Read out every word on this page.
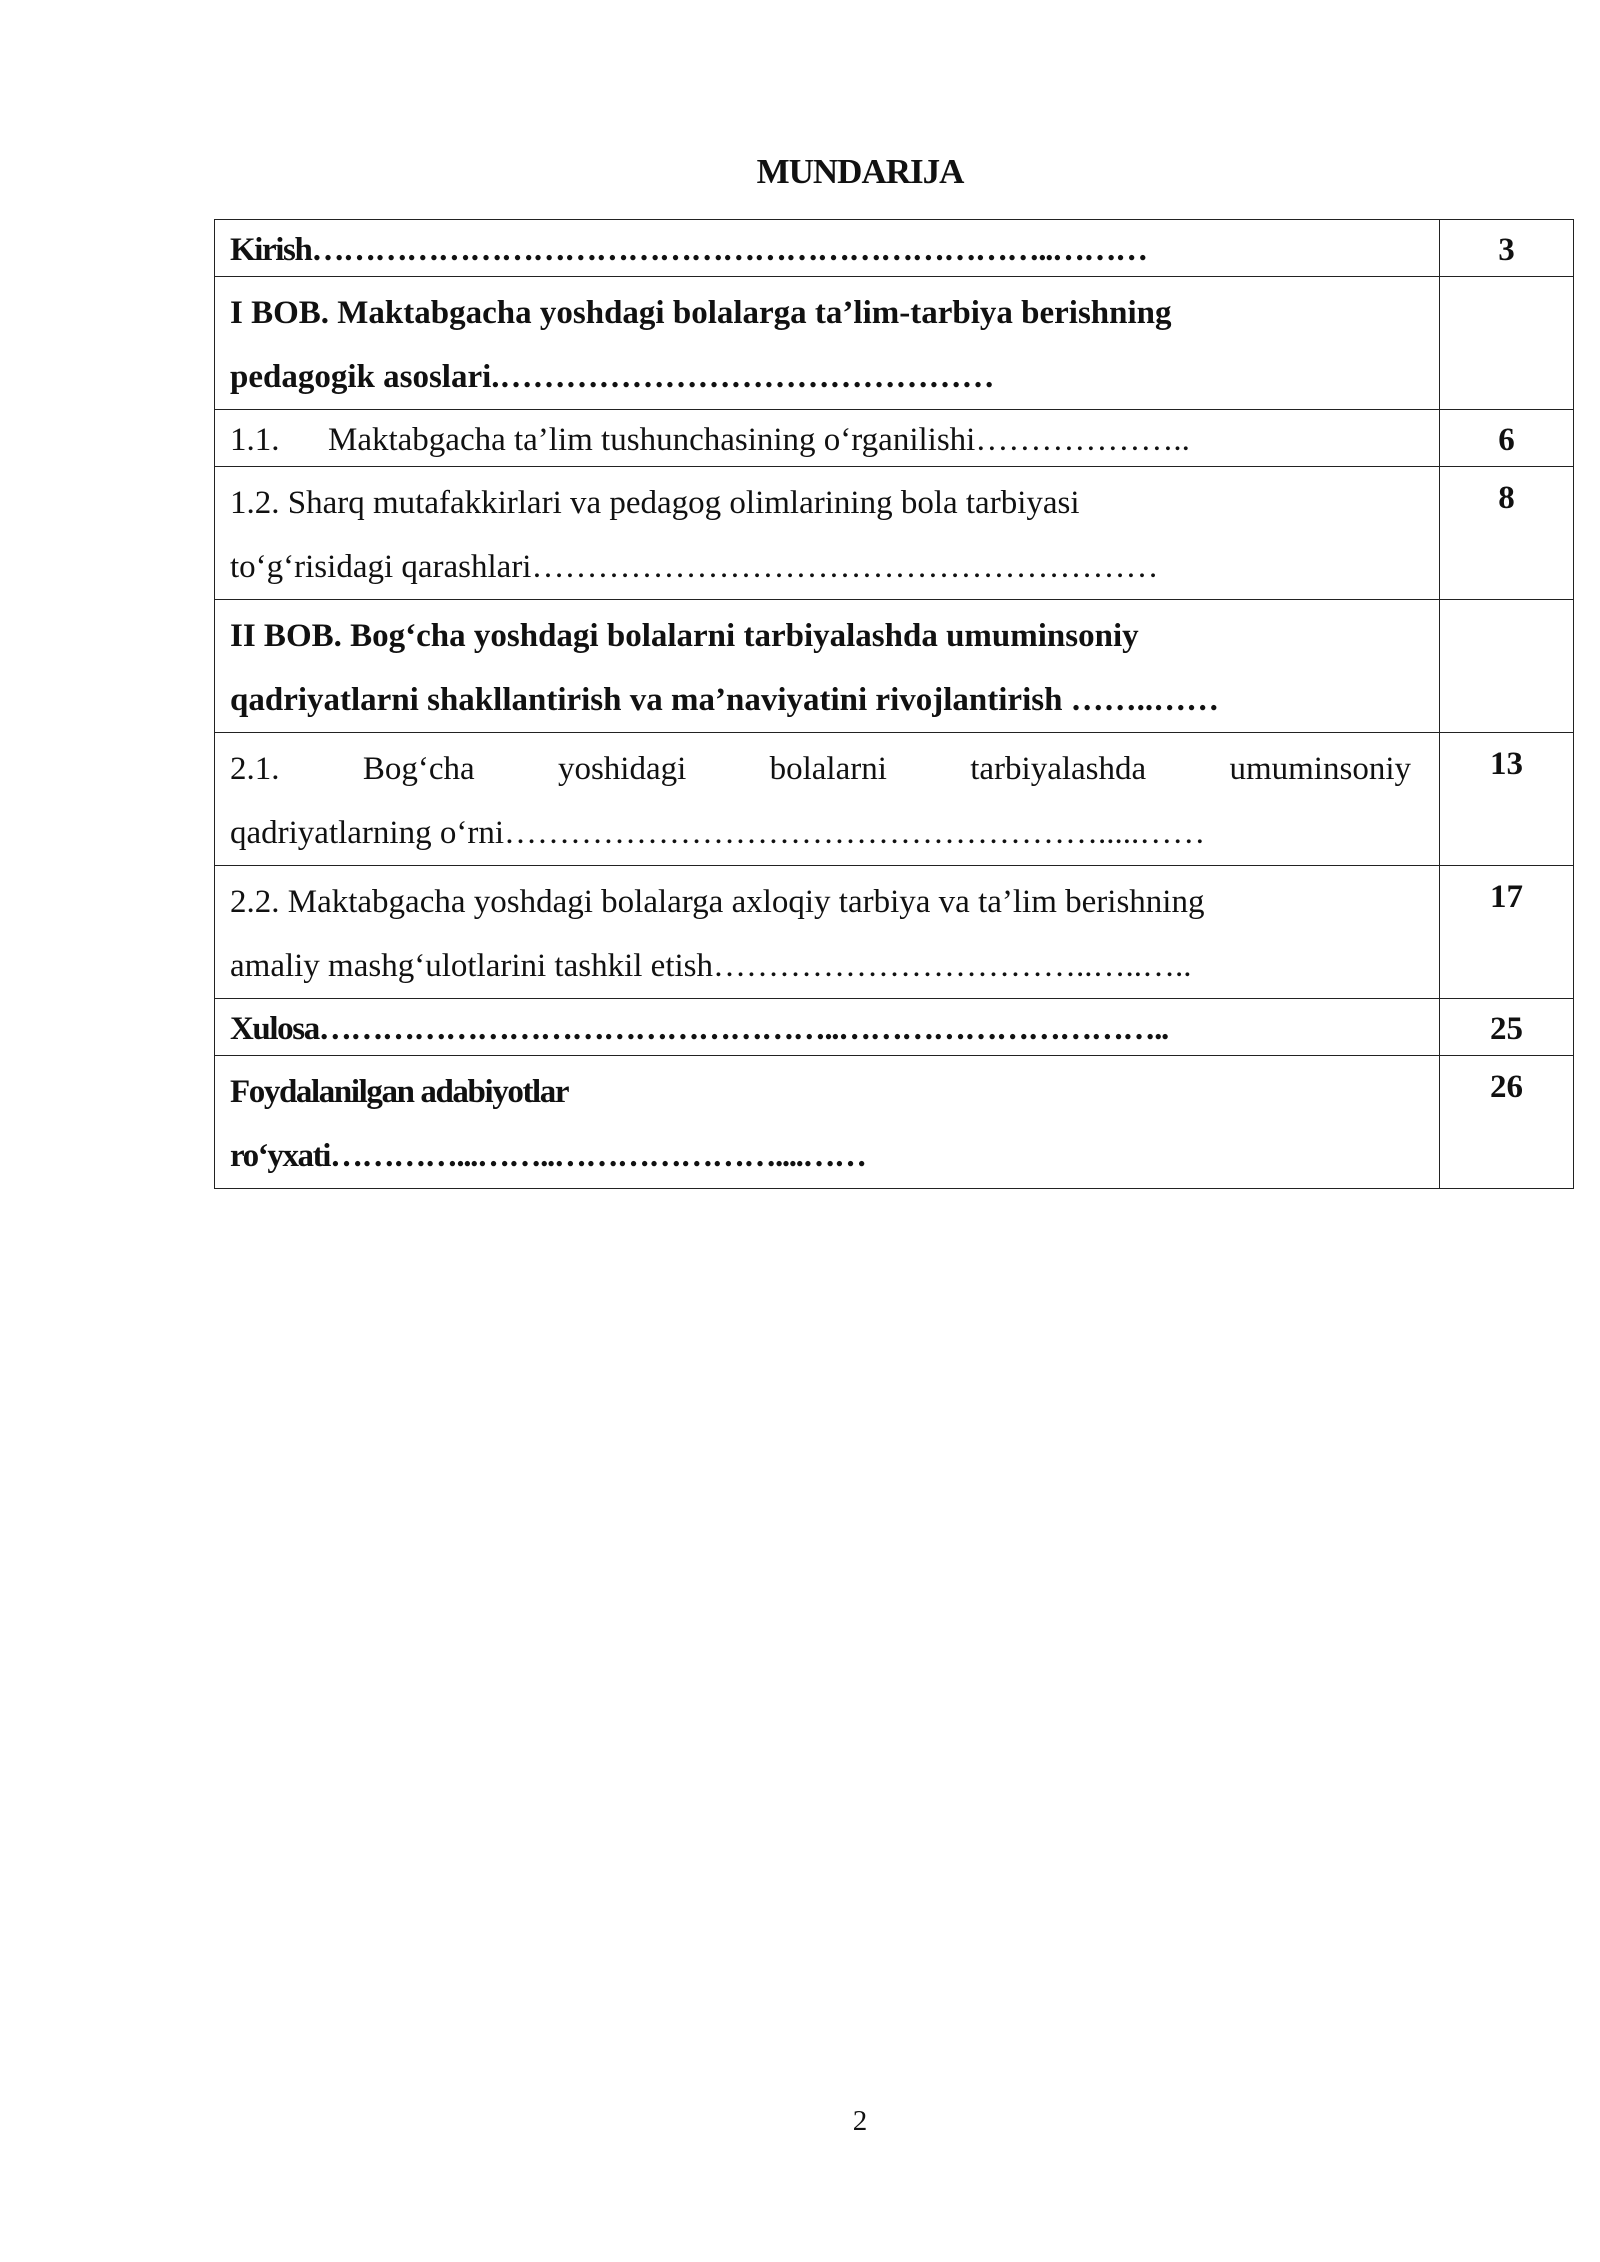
MUNDARIJA
Kirish……………………………………………………………..………	3

I BOB. Maktabgacha yoshdagi bolalarga ta’lim-tarbiya berishning
pedagogik asoslari.………………………………………	

1.1. Maktabgacha ta’lim tushunchasining o‘rganilishi………………..	6

1.2. Sharq mutafakkirlari va pedagog olimlarining bola tarbiyasi
to‘g‘risidagi qarashlari…………………………………………………	8

II BOB. Bog‘cha yoshdagi bolalarni tarbiyalashda umuminsoniy
qadriyatlarni shakllantirish va ma’naviyatini rivojlantirish ……..……	

2.1. Bog‘cha yoshidagi bolalarni tarbiyalashda umuminsoniy
qadriyatlarning o‘rni……………………………………………….....……	13

2.2. Maktabgacha yoshdagi bolalarga axloqiy tarbiya va ta’lim berishning
amaliy mashg‘ulotlarini tashkil etish……………………………..…..…..	17

Xulosa…………………………………………..…………………………..	25

Foydalanilgan adabiyotlar
ro‘yxati…………...……..…………………....……	26
2
